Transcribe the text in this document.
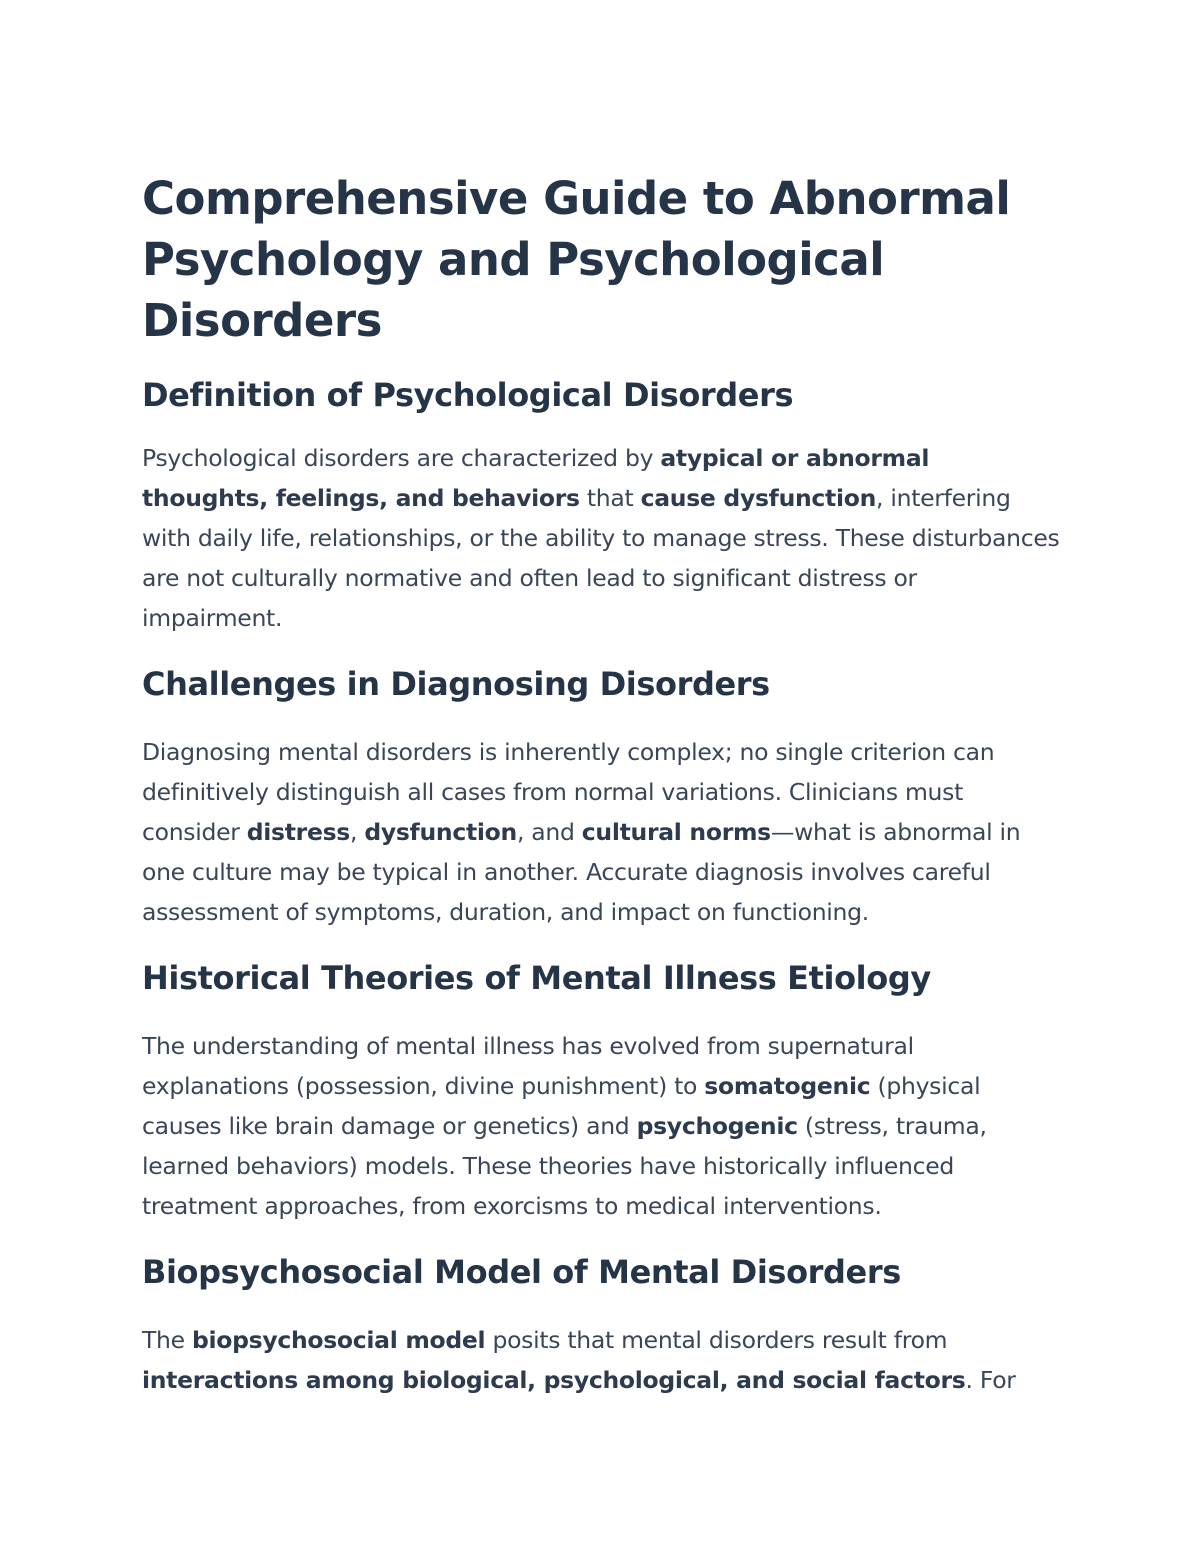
Comprehensive Guide to Abnormal Psychology and Psychological Disorders
Definition of Psychological Disorders

Psychological disorders are characterized by atypical or abnormal thoughts, feelings, and behaviors that cause dysfunction, interfering with daily life, relationships, or the ability to manage stress. These disturbances are not culturally normative and often lead to significant distress or impairment.

Challenges in Diagnosing Disorders

Diagnosing mental disorders is inherently complex; no single criterion can definitively distinguish all cases from normal variations. Clinicians must consider distress, dysfunction, and cultural norms—what is abnormal in one culture may be typical in another. Accurate diagnosis involves careful assessment of symptoms, duration, and impact on functioning.

Historical Theories of Mental Illness Etiology

The understanding of mental illness has evolved from supernatural explanations (possession, divine punishment) to somatogenic (physical causes like brain damage or genetics) and psychogenic (stress, trauma, learned behaviors) models. These theories have historically influenced treatment approaches, from exorcisms to medical interventions.

Biopsychosocial Model of Mental Disorders

The biopsychosocial model posits that mental disorders result from interactions among biological, psychological, and social factors. For
